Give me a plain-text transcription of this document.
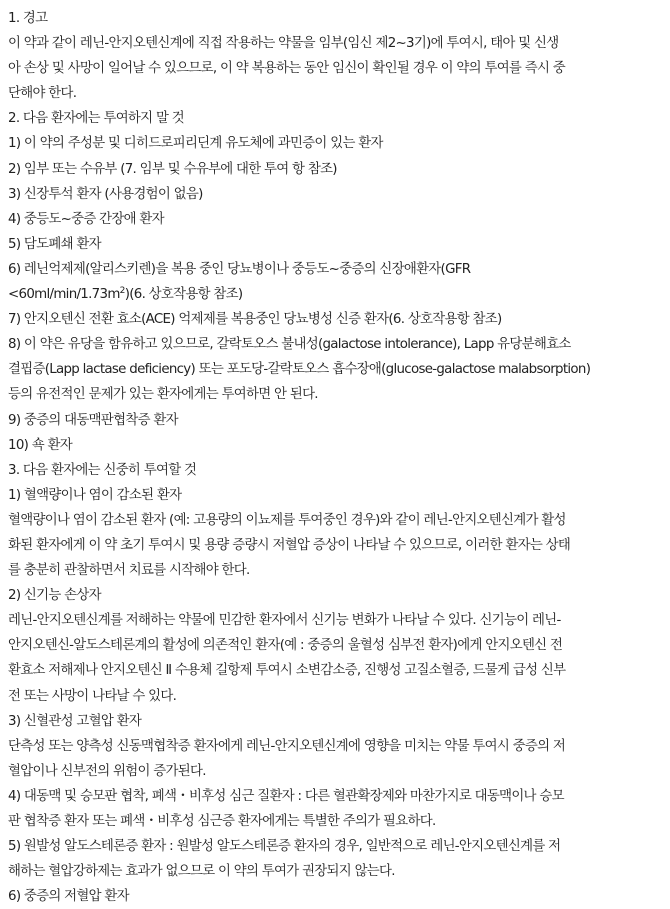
1. 경고
이 약과 같이 레닌-안지오텐신계에 직접 작용하는 약물을 임부(임신 제2~3기)에 투여시, 태아 및 신생
아 손상 및 사망이 일어날 수 있으므로, 이 약 복용하는 동안 임신이 확인될 경우 이 약의 투여를 즉시 중
단해야 한다.
2. 다음 환자에는 투여하지 말 것
1) 이 약의 주성분 및 디히드로피리딘계 유도체에 과민증이 있는 환자
2) 임부 또는 수유부 (7. 임부 및 수유부에 대한 투여 항 참조)
3) 신장투석 환자 (사용경험이 없음)
4) 중등도~중증 간장애 환자
5) 담도폐쇄 환자
6) 레닌억제제(알리스키렌)을 복용 중인 당뇨병이나 중등도~중증의 신장애환자(GFR
$<60ml/\min/1.73m^2)(6$. 상호작용항 참조)
7) 안지오텐신 전환 효소(ACE) 억제제를 복용중인 당뇨병성 신증 환자(6. 상호작용항 참조)
8) 이 약은 유당을 함유하고 있으므로, 갈락토오스 불내성(galactose intolerance), Lapp 유당분해효소
결핍증(Lapp lactase deficiency) 또는 포도당-갈락토오스 흡수장애(glucose-galactose malabsorption)
등의 유전적인 문제가 있는 환자에게는 투여하면 안 된다.
9) 중증의 대동맥판협착증 환자
10) 쇽 환자
3. 다음 환자에는 신중히 투여할 것
1) 혈액량이나 염이 감소된 환자
혈액량이나 염이 감소된 환자 (예: 고용량의 이뇨제를 투여중인 경우)와 같이 레닌-안지오텐신계가 활성
화된 환자에게 이 약 초기 투여시 및 용량 증량시 저혈압 증상이 나타날 수 있으므로, 이러한 환자는 상태
를 충분히 관찰하면서 치료를 시작해야 한다.
2) 신기능 손상자
레닌-안지오텐신계를 저해하는 약물에 민감한 환자에서 신기능 변화가 나타날 수 있다. 신기능이 레닌-
안지오텐신-알도스테론계의 활성에 의존적인 환자(예 : 중증의 울혈성 심부전 환자)에게 안지오텐신 전
환효소 저해제나 안지오텐신 Ⅱ 수용체 길항제 투여시 소변감소증, 진행성 고질소혈증, 드물게 급성 신부
전 또는 사망이 나타날 수 있다.
3) 신혈관성 고혈압 환자
단측성 또는 양측성 신동맥협착증 환자에게 레닌-안지오텐신계에 영향을 미치는 약물 투여시 중증의 저
혈압이나 신부전의 위험이 증가된다.
4) 대동맥 및 승모판 협착, 폐색・비후성 심근 질환자 : 다른 혈관확장제와 마찬가지로 대동맥이나 승모
판 협착증 환자 또는 폐색・비후성 심근증 환자에게는 특별한 주의가 필요하다.
5) 원발성 알도스테론증 환자 : 원발성 알도스테론증 환자의 경우, 일반적으로 레닌-안지오텐신계를 저
해하는 혈압강하제는 효과가 없으므로 이 약의 투여가 권장되지 않는다.
6) 중증의 저혈압 환자
